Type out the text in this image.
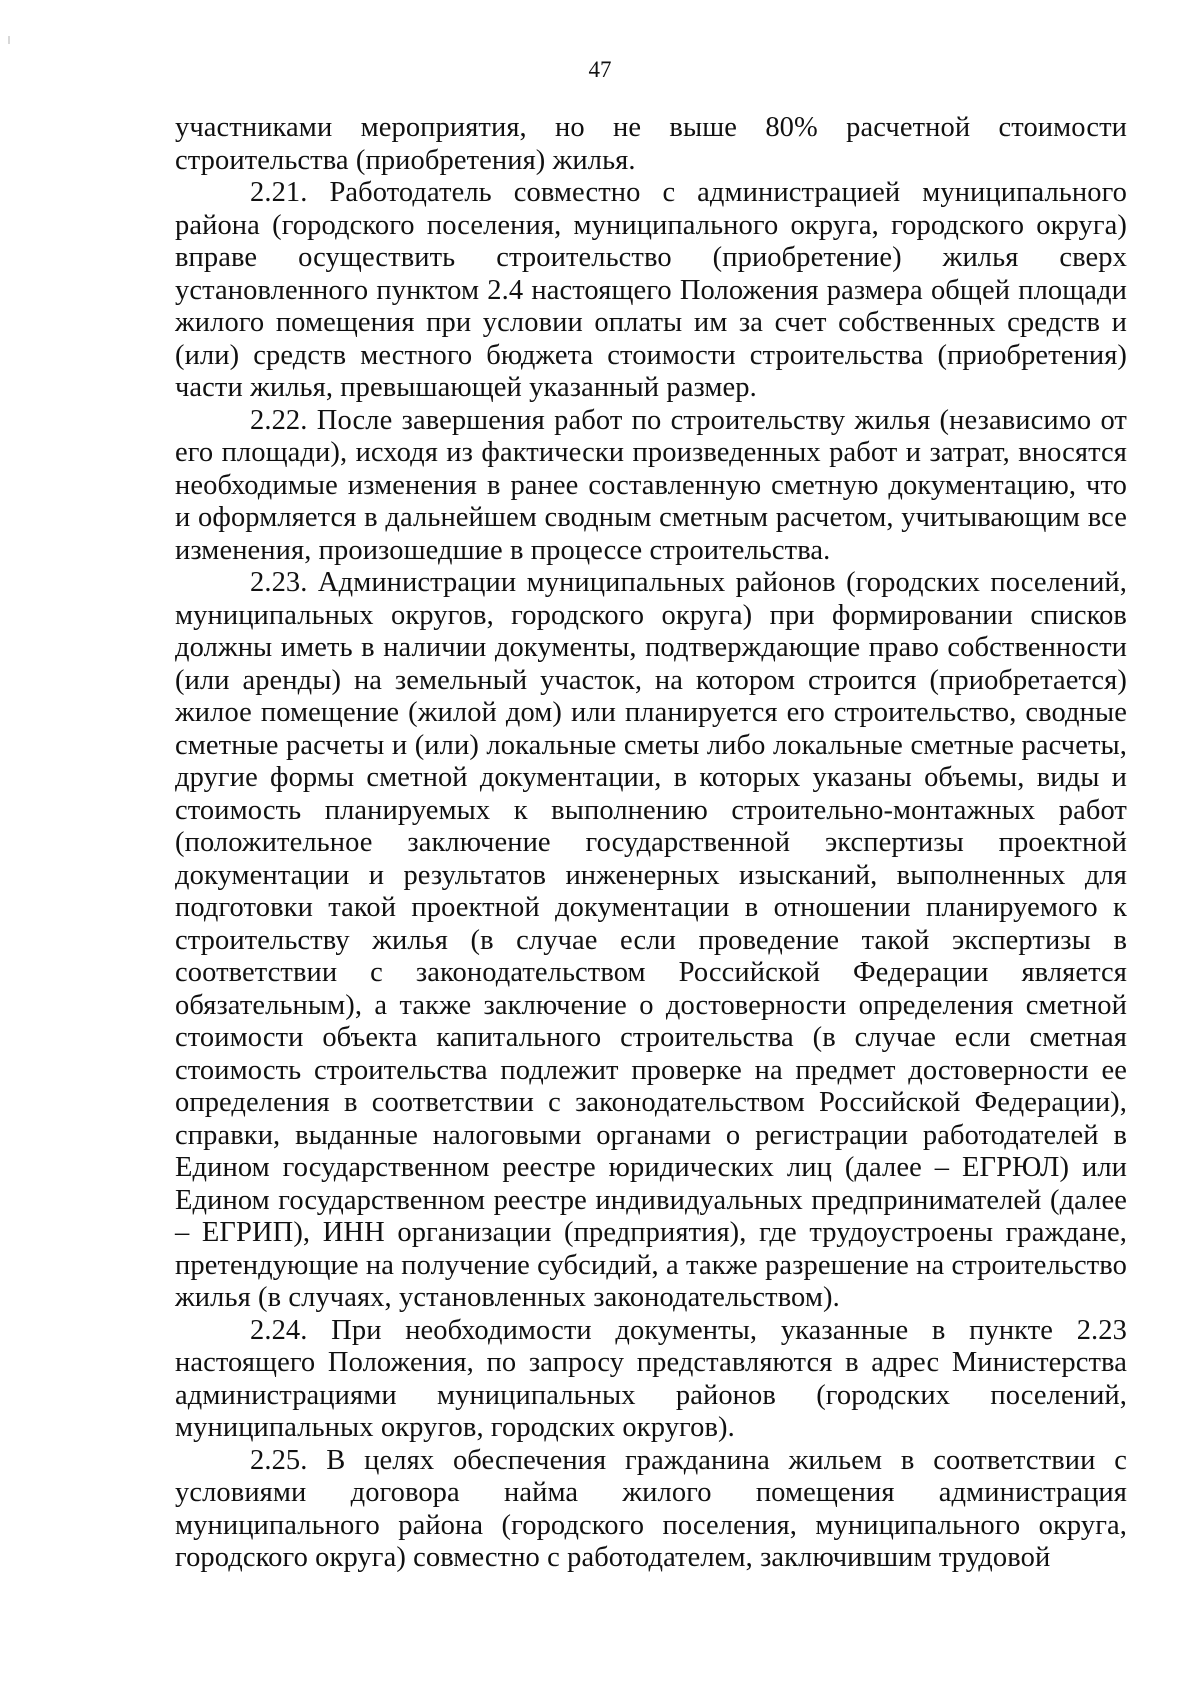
47

участниками мероприятия, но не выше 80% расчетной стоимости строительства (приобретения) жилья.

2.21. Работодатель совместно с администрацией муниципального района (городского поселения, муниципального округа, городского округа) вправе осуществить строительство (приобретение) жилья сверх установленного пунктом 2.4 настоящего Положения размера общей площади жилого помещения при условии оплаты им за счет собственных средств и (или) средств местного бюджета стоимости строительства (приобретения) части жилья, превышающей указанный размер.

2.22. После завершения работ по строительству жилья (независимо от его площади), исходя из фактически произведенных работ и затрат, вносятся необходимые изменения в ранее составленную сметную документацию, что и оформляется в дальнейшем сводным сметным расчетом, учитывающим все изменения, произошедшие в процессе строительства.

2.23. Администрации муниципальных районов (городских поселений, муниципальных округов, городского округа) при формировании списков должны иметь в наличии документы, подтверждающие право собственности (или аренды) на земельный участок, на котором строится (приобретается) жилое помещение (жилой дом) или планируется его строительство, сводные сметные расчеты и (или) локальные сметы либо локальные сметные расчеты, другие формы сметной документации, в которых указаны объемы, виды и стоимость планируемых к выполнению строительно-монтажных работ (положительное заключение государственной экспертизы проектной документации и результатов инженерных изысканий, выполненных для подготовки такой проектной документации в отношении планируемого к строительству жилья (в случае если проведение такой экспертизы в соответствии с законодательством Российской Федерации является обязательным), а также заключение о достоверности определения сметной стоимости объекта капитального строительства (в случае если сметная стоимость строительства подлежит проверке на предмет достоверности ее определения в соответствии с законодательством Российской Федерации), справки, выданные налоговыми органами о регистрации работодателей в Едином государственном реестре юридических лиц (далее – ЕГРЮЛ) или Едином государственном реестре индивидуальных предпринимателей (далее – ЕГРИП), ИНН организации (предприятия), где трудоустроены граждане, претендующие на получение субсидий, а также разрешение на строительство жилья (в случаях, установленных законодательством).

2.24. При необходимости документы, указанные в пункте 2.23 настоящего Положения, по запросу представляются в адрес Министерства администрациями муниципальных районов (городских поселений, муниципальных округов, городских округов).

2.25. В целях обеспечения гражданина жильем в соответствии с условиями договора найма жилого помещения администрация муниципального района (городского поселения, муниципального округа, городского округа) совместно с работодателем, заключившим трудовой
